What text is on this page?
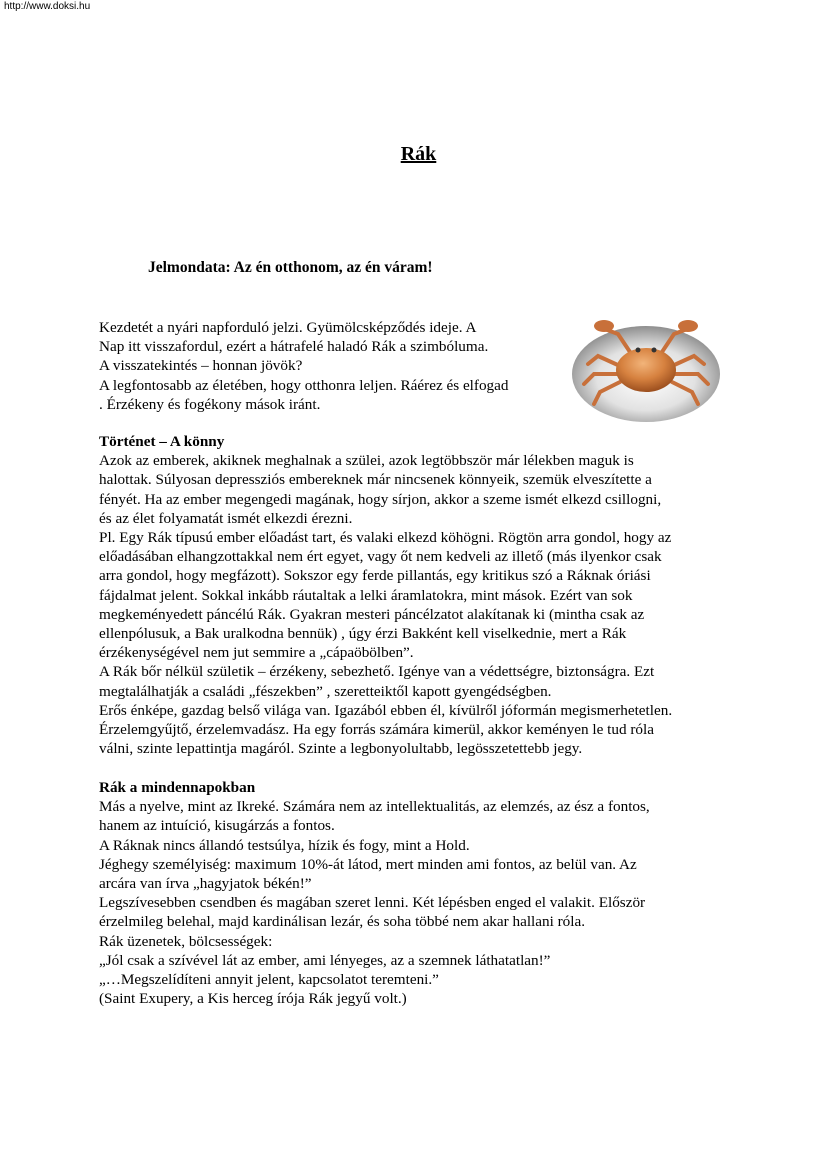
http://www.doksi.hu
Rák
Jelmondata: Az én otthonom, az én váram!

Kezdetét a nyári napforduló jelzi. Gyümölcsképződés ideje. A

Nap itt visszafordul, ezért a hátrafelé haladó Rák a szimbóluma.

A visszatekintés – honnan jövök?

A legfontosabb az életében, hogy otthonra leljen. Ráérez és elfogad

. Érzékeny és fogékony mások iránt.

Történet – A könny

Azok az emberek, akiknek meghalnak a szülei, azok legtöbbször már lélekben maguk is

halottak. Súlyosan depressziós embereknek már nincsenek könnyeik, szemük elveszítette a

fényét. Ha az ember megengedi magának, hogy sírjon, akkor a szeme ismét elkezd csillogni,

és az élet folyamatát ismét elkezdi érezni.

Pl. Egy Rák típusú ember előadást tart, és valaki elkezd köhögni. Rögtön arra gondol, hogy az

előadásában elhangzottakkal nem ért egyet, vagy őt nem kedveli az illető (más ilyenkor csak

arra gondol, hogy megfázott). Sokszor egy ferde pillantás, egy kritikus szó a Ráknak óriási

fájdalmat jelent. Sokkal inkább ráutaltak a lelki áramlatokra, mint mások. Ezért van sok

megkeményedett páncélú Rák. Gyakran mesteri páncélzatot alakítanak ki (mintha csak az

ellenpólusuk, a Bak uralkodna bennük) , úgy érzi Bakként kell viselkednie, mert a Rák

érzékenységével nem jut semmire a „cápaöbölben”.

A Rák bőr nélkül születik – érzékeny, sebezhető. Igénye van a védettségre, biztonságra. Ezt

megtalálhatják a családi „fészekben” , szeretteiktől kapott gyengédségben.

Erős énképe, gazdag belső világa van. Igazából ebben él, kívülről jóformán megismerhetetlen.

Érzelemgyűjtő, érzelemvadász. Ha egy forrás számára kimerül, akkor keményen le tud róla

válni, szinte lepattintja magáról. Szinte a legbonyolultabb, legösszetettebb jegy.

Rák a mindennapokban

Más a nyelve, mint az Ikreké. Számára nem az intellektualitás, az elemzés, az ész a fontos,

hanem az intuíció, kisugárzás a fontos.

A Ráknak nincs állandó testsúlya, hízik és fogy, mint a Hold.

Jéghegy személyiség: maximum 10%-át látod, mert minden ami fontos, az belül van. Az

arcára van írva „hagyjatok békén!”

Legszívesebben csendben és magában szeret lenni. Két lépésben enged el valakit. Először

érzelmileg belehal, majd kardinálisan lezár, és soha többé nem akar hallani róla.

Rák üzenetek, bölcsességek:

„Jól csak a szívével lát az ember, ami lényeges, az a szemnek láthatatlan!”

„…Megszelídíteni annyit jelent, kapcsolatot teremteni.”

(Saint Exupery, a Kis herceg írója Rák jegyű volt.)
